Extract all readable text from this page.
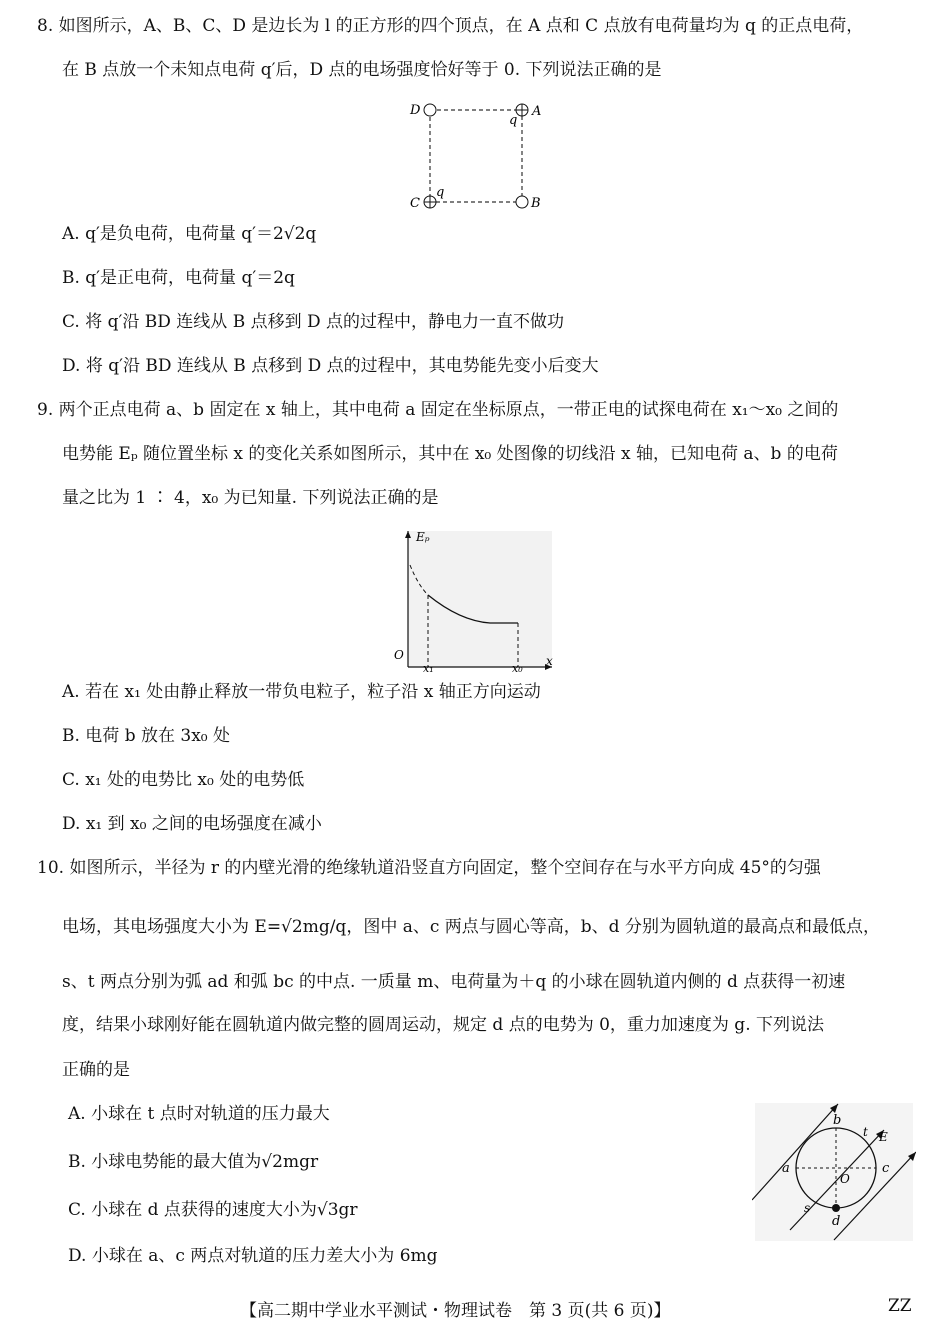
8. 如图所示，A、B、C、D 是边长为 l 的正方形的四个顶点，在 A 点和 C 点放有电荷量均为 q 的正点电荷，
在 B 点放一个未知点电荷 q′后，D 点的电场强度恰好等于 0. 下列说法正确的是
D	A
q
C
q
B
A. q′是负电荷，电荷量 q′＝2√2q
B. q′是正电荷，电荷量 q′＝2q
C. 将 q′沿 BD 连线从 B 点移到 D 点的过程中，静电力一直不做功
D. 将 q′沿 BD 连线从 B 点移到 D 点的过程中，其电势能先变小后变大
9. 两个正点电荷 a、b 固定在 x 轴上，其中电荷 a 固定在坐标原点，一带正电的试探电荷在 x₁～x₀ 之间的
电势能 Eₚ 随位置坐标 x 的变化关系如图所示，其中在 x₀ 处图像的切线沿 x 轴，已知电荷 a、b 的电荷
量之比为 1 ∶ 4，x₀ 为已知量. 下列说法正确的是
Eₚ
O
x₁	x₀
x
A. 若在 x₁ 处由静止释放一带负电粒子，粒子沿 x 轴正方向运动
B. 电荷 b 放在 3x₀ 处
C. x₁ 处的电势比 x₀ 处的电势低
D. x₁ 到 x₀ 之间的电场强度在减小
10. 如图所示，半径为 r 的内壁光滑的绝缘轨道沿竖直方向固定，整个空间存在与水平方向成 45°的匀强
电场，其电场强度大小为 E=√2mg/q，图中 a、c 两点与圆心等高，b、d 分别为圆轨道的最高点和最低点，
s、t 两点分别为弧 ad 和弧 bc 的中点. 一质量 m、电荷量为＋q 的小球在圆轨道内侧的 d 点获得一初速
度，结果小球刚好能在圆轨道内做完整的圆周运动，规定 d 点的电势为 0，重力加速度为 g. 下列说法
正确的是
b
t E
a	c
O
s
d
A. 小球在 t 点时对轨道的压力最大
B. 小球电势能的最大值为√2mgr
C. 小球在 d 点获得的速度大小为√3gr
D. 小球在 a、c 两点对轨道的压力差大小为 6mg
【高二期中学业水平测试・物理试卷　第 3 页(共 6 页)】	ZZ
